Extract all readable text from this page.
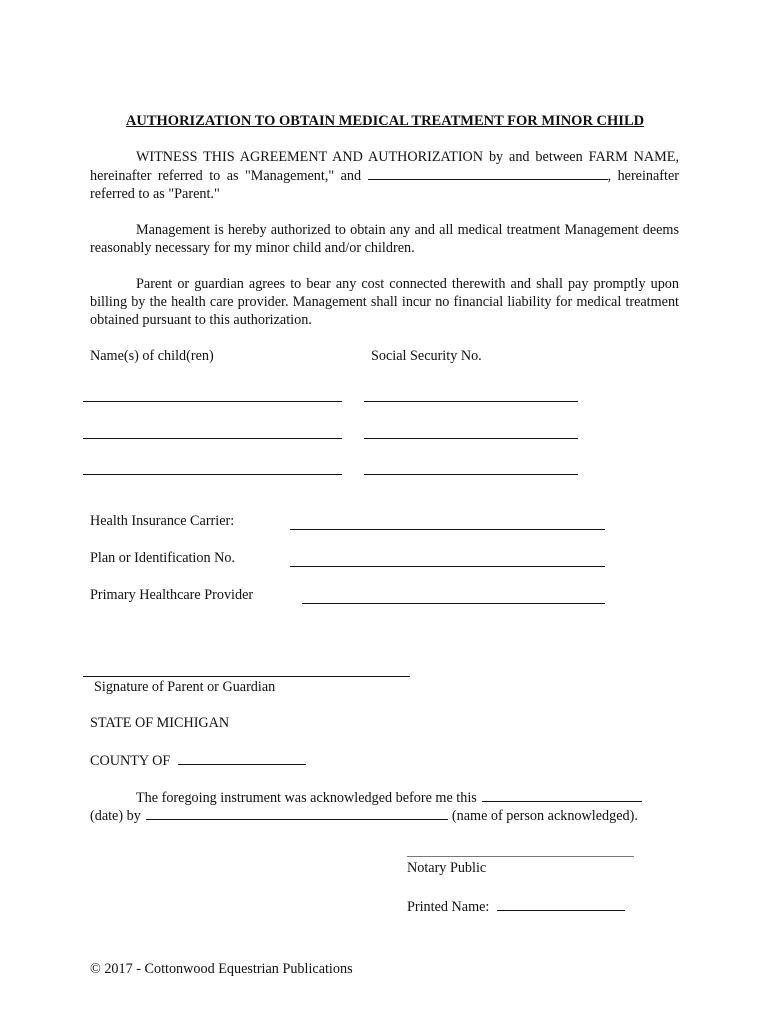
AUTHORIZATION TO OBTAIN MEDICAL TREATMENT FOR MINOR CHILD
WITNESS THIS AGREEMENT AND AUTHORIZATION by and between FARM NAME, hereinafter referred to as "Management," and	, hereinafter referred to as "Parent."
Management is hereby authorized to obtain any and all medical treatment Management deems reasonably necessary for my minor child and/or children.
Parent or guardian agrees to bear any cost connected therewith and shall pay promptly upon billing by the health care provider. Management shall incur no financial liability for medical treatment obtained pursuant to this authorization.
Name(s) of child(ren)	Social Security No.
Health Insurance Carrier:
Plan or Identification No.
Primary Healthcare Provider
Signature of Parent or Guardian
STATE OF MICHIGAN
COUNTY OF
The foregoing instrument was acknowledged before me this
(date) by	(name of person acknowledged).
Notary Public
Printed Name:
© 2017 - Cottonwood Equestrian Publications
